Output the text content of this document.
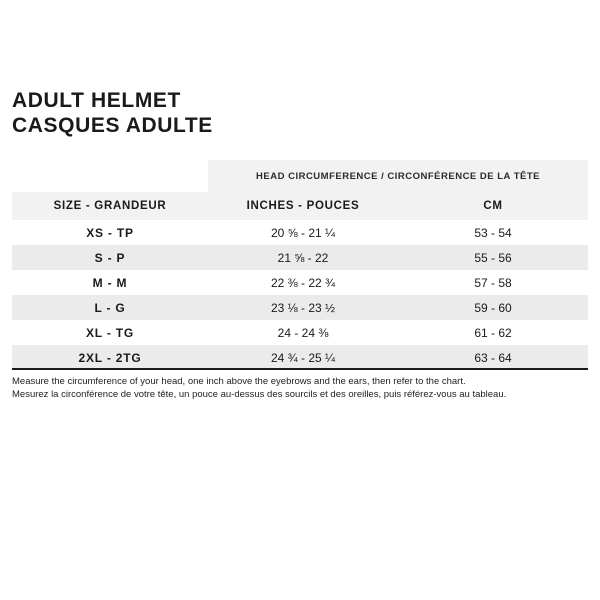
ADULT HELMET
CASQUES ADULTE
	HEAD CIRCUMFERENCE / CIRCONFÉRENCE DE LA TÊTE	
SIZE - GRANDEUR	INCHES - POUCES	CM
XS - TP	20 ⅝ - 21 ¼	53 - 54
S - P	21 ⅝ - 22	55 - 56
M - M	22 ⅜ - 22 ¾	57 - 58
L - G	23 ⅛ - 23 ½	59 - 60
XL - TG	24 - 24 ⅜	61 - 62
2XL - 2TG	24 ¾ - 25 ¼	63 - 64
Measure the circumference of your head, one inch above the eyebrows and the ears, then refer to the chart.
Mesurez la circonférence de votre tête, un pouce au-dessus des sourcils et des oreilles, puis référez-vous au tableau.
